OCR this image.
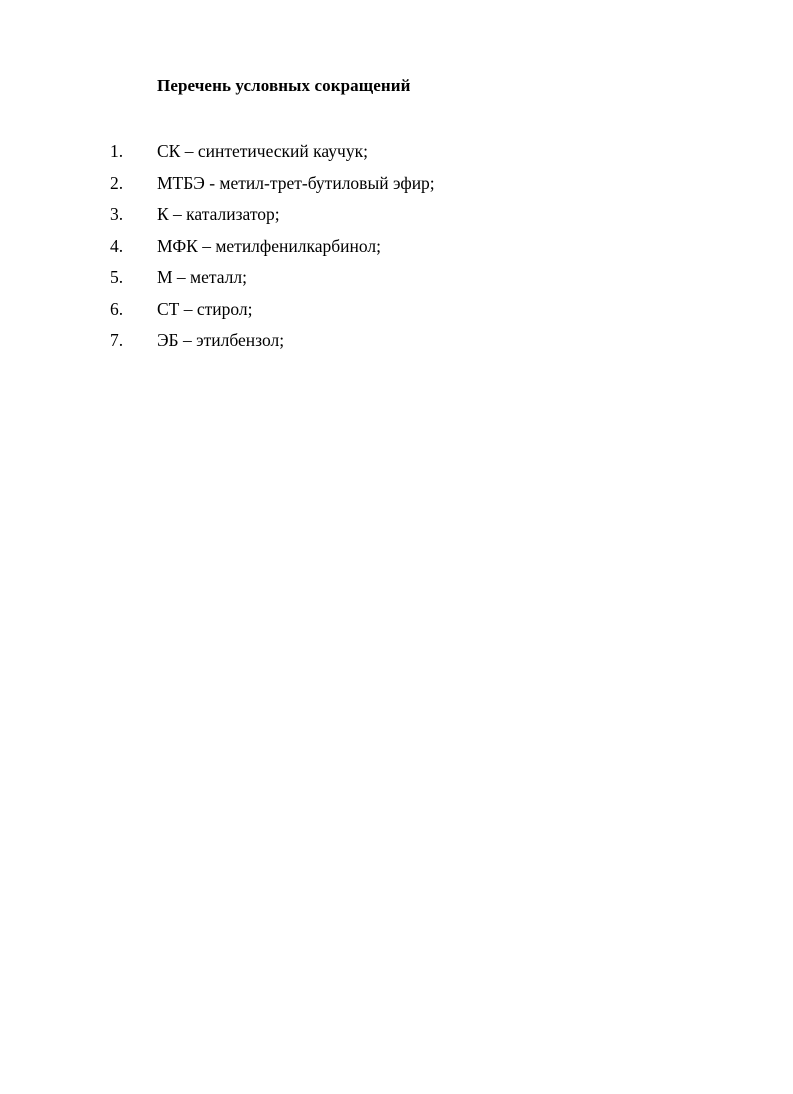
Перечень условных сокращений
1. СК – синтетический каучук;
2. МТБЭ - метил-трет-бутиловый эфир;
3. К – катализатор;
4. МФК – метилфенилкарбинол;
5. М – металл;
6. СТ – стирол;
7. ЭБ – этилбензол;
